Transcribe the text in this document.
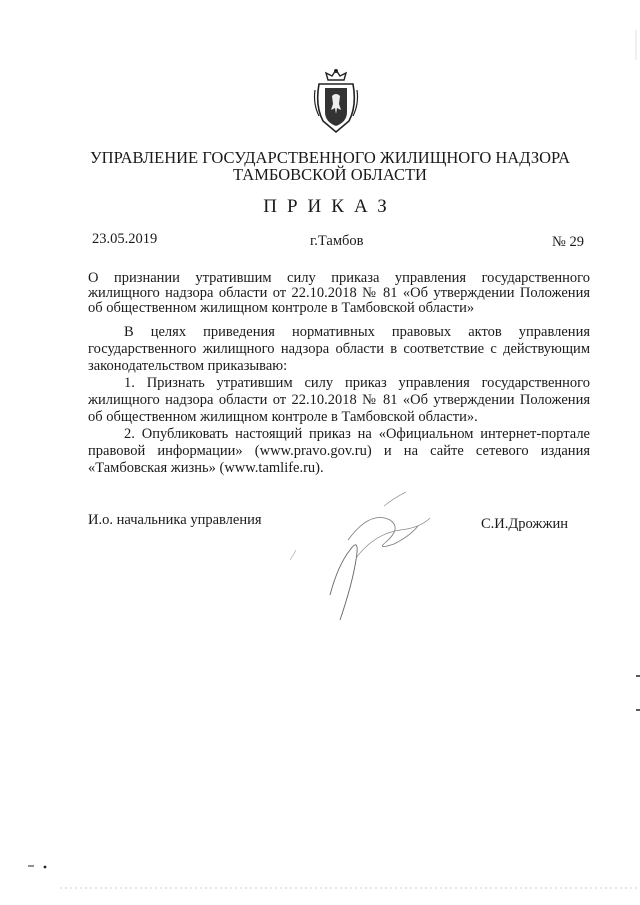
УПРАВЛЕНИЕ ГОСУДАРСТВЕННОГО ЖИЛИЩНОГО НАДЗОРА
ТАМБОВСКОЙ ОБЛАСТИ
ПРИКАЗ
23.05.2019	г.Тамбов	№ 29
О признании утратившим силу приказа управления государственного жилищного надзора области от 22.10.2018 № 81 «Об утверждении Положения об общественном жилищном контроле в Тамбовской области»

В целях приведения нормативных правовых актов управления государственного жилищного надзора области в соответствие с действующим законодательством приказываю:

1. Признать утратившим силу приказ управления государственного жилищного надзора области от 22.10.2018 № 81 «Об утверждении Положения об общественном жилищном контроле в Тамбовской области».

2. Опубликовать настоящий приказ на «Официальном интернет-портале правовой информации» (www.pravo.gov.ru) и на сайте сетевого издания «Тамбовская жизнь» (www.tamlife.ru).

И.о. начальника управления	С.И.Дрожжин
